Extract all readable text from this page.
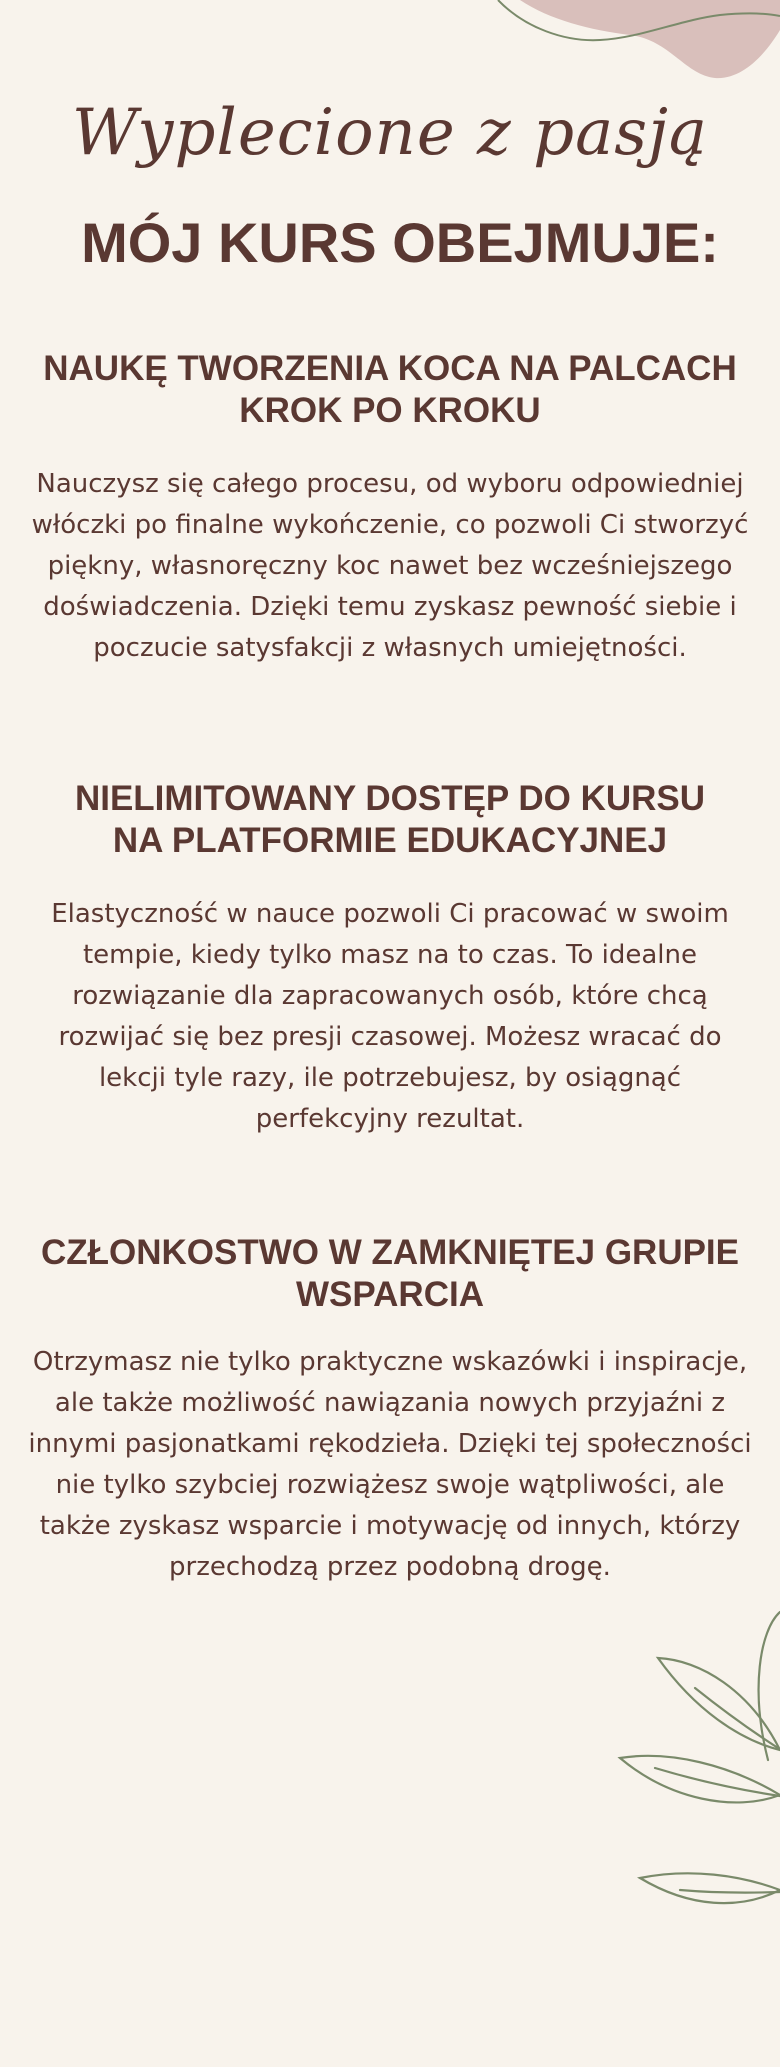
Wyplecione z pasją
MÓJ KURS OBEJMUJE:
NAUKĘ TWORZENIA KOCA NA PALCACH
KROK PO KROKU

Nauczysz się całego procesu, od wyboru odpowiedniej włóczki po finalne wykończenie, co pozwoli Ci stworzyć piękny, własnoręczny koc nawet bez wcześniejszego doświadczenia. Dzięki temu zyskasz pewność siebie i poczucie satysfakcji z własnych umiejętności.

NIELIMITOWANY DOSTĘP DO KURSU
NA PLATFORMIE EDUKACYJNEJ

Elastyczność w nauce pozwoli Ci pracować w swoim tempie, kiedy tylko masz na to czas. To idealne rozwiązanie dla zapracowanych osób, które chcą rozwijać się bez presji czasowej. Możesz wracać do lekcji tyle razy, ile potrzebujesz, by osiągnąć perfekcyjny rezultat.

CZŁONKOSTWO W ZAMKNIĘTEJ GRUPIE
WSPARCIA

Otrzymasz nie tylko praktyczne wskazówki i inspiracje, ale także możliwość nawiązania nowych przyjaźni z innymi pasjonatkami rękodzieła. Dzięki tej społeczności nie tylko szybciej rozwiążesz swoje wątpliwości, ale także zyskasz wsparcie i motywację od innych, którzy przechodzą przez podobną drogę.
